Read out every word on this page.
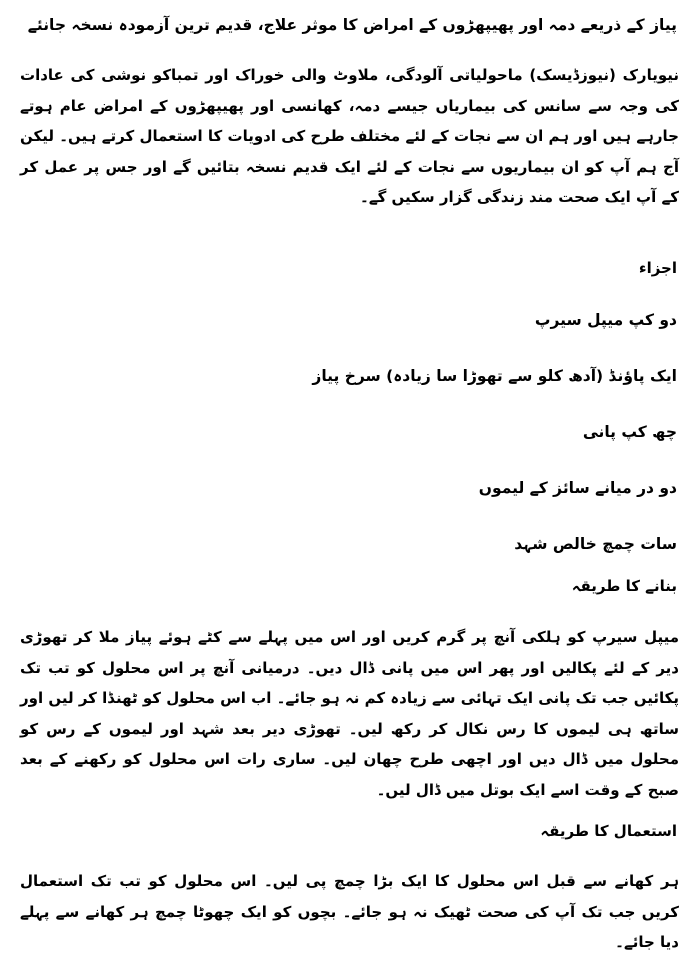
پیاز کے ذریعے دمہ اور پھیپھڑوں کے امراض کا موثر علاج، قدیم ترین آزمودہ نسخہ جانئے
نیویارک (نیوزڈیسک) ماحولیاتی آلودگی، ملاوٹ والی خوراک اور تمباکو نوشی کی عادات کی وجہ سے سانس کی بیماریاں جیسے دمہ، کھانسی اور پھیپھڑوں کے امراض عام ہوتے جارہے ہیں اور ہم ان سے نجات کے لئے مختلف طرح کی ادویات کا استعمال کرتے ہیں۔ لیکن آج ہم آپ کو ان بیماریوں سے نجات کے لئے ایک قدیم نسخہ بتائیں گے اور جس پر عمل کر کے آپ ایک صحت مند زندگی گزار سکیں گے۔
اجزاء
دو کپ میپل سیرپ
ایک پاؤنڈ (آدھ کلو سے تھوڑا سا زیادہ) سرخ پیاز
چھ کپ پانی
دو در میانے سائز کے لیموں
سات چمچ خالص شہد
بنانے کا طریقہ
میپل سیرپ کو ہلکی آنچ پر گرم کریں اور اس میں پہلے سے کٹے ہوئے پیاز ملا کر تھوڑی دیر کے لئے پکالیں اور پھر اس میں پانی ڈال دیں۔ درمیانی آنچ پر اس محلول کو تب تک پکائیں جب تک پانی ایک تہائی سے زیادہ کم نہ ہو جائے۔ اب اس محلول کو ٹھنڈا کر لیں اور ساتھ ہی لیموں کا رس نکال کر رکھ لیں۔ تھوڑی دیر بعد شہد اور لیموں کے رس کو محلول میں ڈال دیں اور اچھی طرح چھان لیں۔ ساری رات اس محلول کو رکھنے کے بعد صبح کے وقت اسے ایک بوتل میں ڈال لیں۔
استعمال کا طریقہ
ہر کھانے سے قبل اس محلول کا ایک بڑا چمچ پی لیں۔ اس محلول کو تب تک استعمال کریں جب تک آپ کی صحت ٹھیک نہ ہو جائے۔ بچوں کو ایک چھوٹا چمچ ہر کھانے سے پہلے دیا جائے۔
